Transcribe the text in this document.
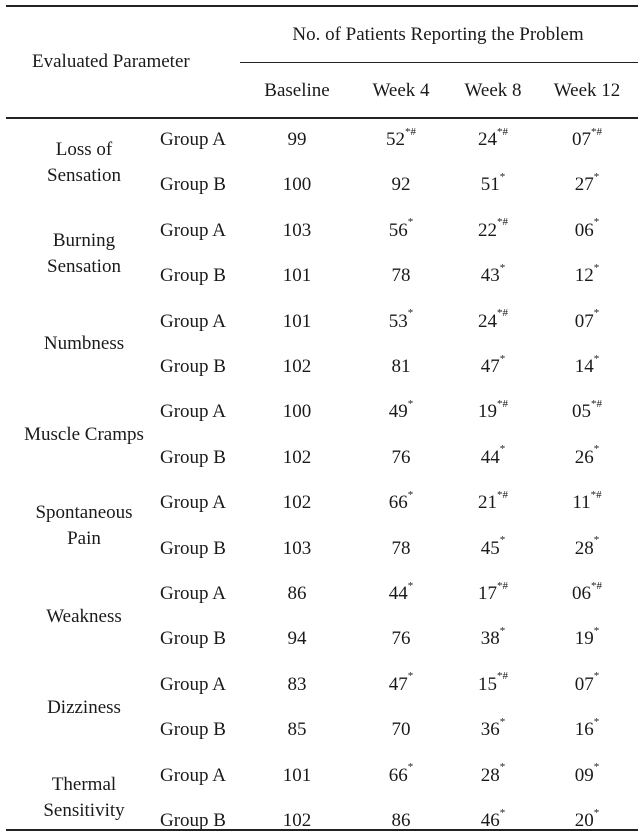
Evaluated Parameter
No. of Patients Reporting the Problem
Baseline Week 4 Week 8 Week 12
Loss of
Sensation
Group A	99	52*#	24*#	07*#
Group B	100	92	51*	27*
Burning
Sensation
Group A	103	56*	22*#	06*
Group B	101	78	43*	12*
Numbness
Group A	101	53*	24*#	07*
Group B	102	81	47*	14*
Muscle Cramps
Group A	100	49*	19*#	05*#
Group B	102	76	44*	26*
Spontaneous
Pain
Group A	102	66*	21*#	11*#
Group B	103	78	45*	28*
Weakness
Group A	86	44*	17*#	06*#
Group B	94	76	38*	19*
Dizziness
Group A	83	47*	15*#	07*
Group B	85	70	36*	16*
Thermal
Sensitivity
Group A	101	66*	28*	09*
Group B	102	86	46*	20*
